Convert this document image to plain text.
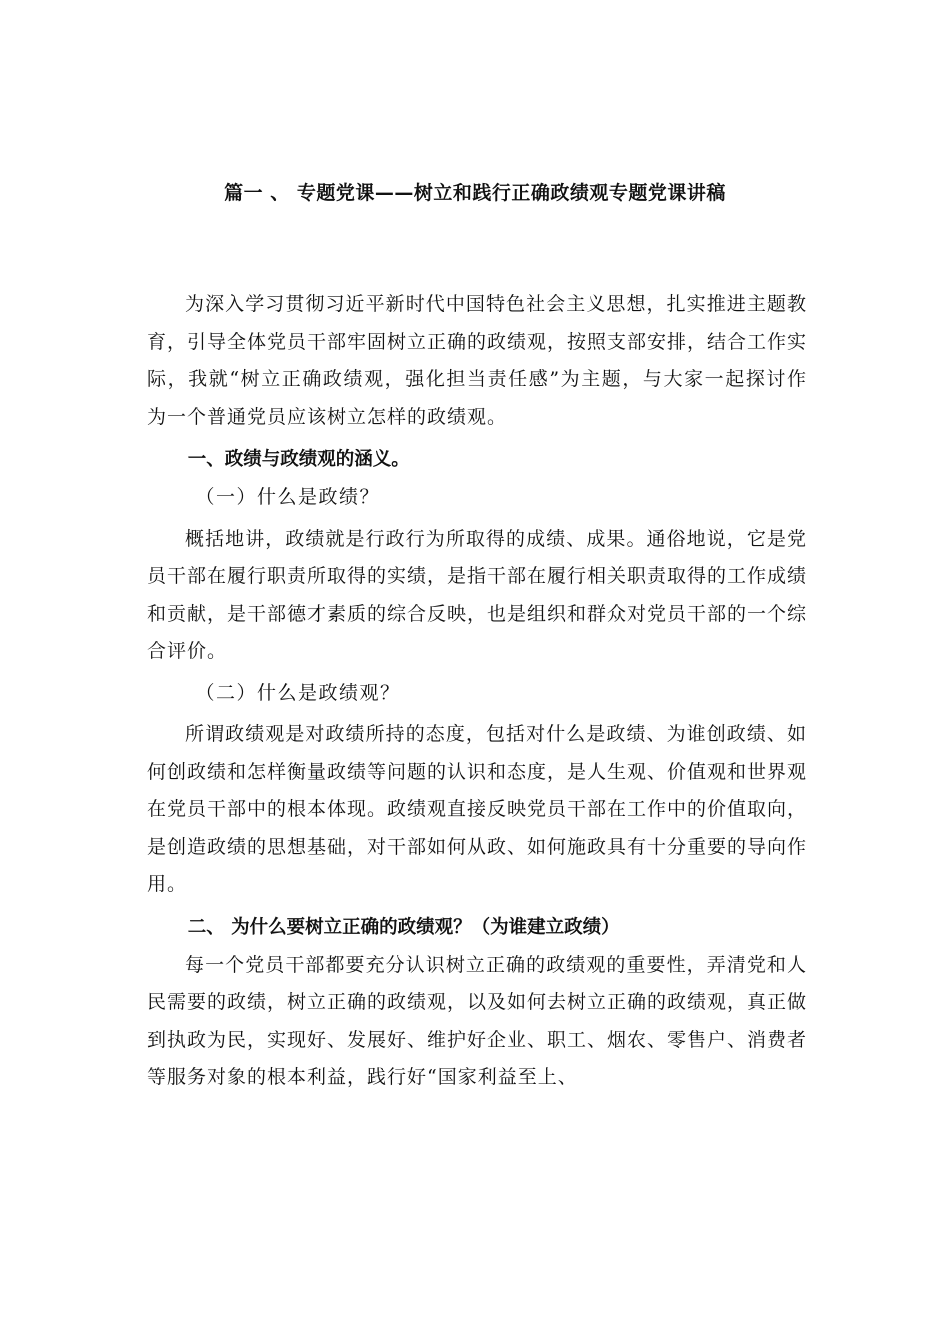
篇一 、 专题党课——树立和践行正确政绩观专题党课讲稿

为深入学习贯彻习近平新时代中国特色社会主义思想，扎实推进主题教育，引导全体党员干部牢固树立正确的政绩观，按照支部安排，结合工作实际，我就“树立正确政绩观，强化担当责任感”为主题，与大家一起探讨作为一个普通党员应该树立怎样的政绩观。

一、政绩与政绩观的涵义。

（一）什么是政绩？

概括地讲，政绩就是行政行为所取得的成绩、成果。通俗地说，它是党员干部在履行职责所取得的实绩，是指干部在履行相关职责取得的工作成绩和贡献，是干部德才素质的综合反映，也是组织和群众对党员干部的一个综合评价。

（二）什么是政绩观？

所谓政绩观是对政绩所持的态度，包括对什么是政绩、为谁创政绩、如何创政绩和怎样衡量政绩等问题的认识和态度，是人生观、价值观和世界观在党员干部中的根本体现。政绩观直接反映党员干部在工作中的价值取向，是创造政绩的思想基础，对干部如何从政、如何施政具有十分重要的导向作用。

二、 为什么要树立正确的政绩观？（为谁建立政绩）

每一个党员干部都要充分认识树立正确的政绩观的重要性，弄清党和人民需要的政绩，树立正确的政绩观，以及如何去树立正确的政绩观，真正做到执政为民，实现好、发展好、维护好企业、职工、烟农、零售户、消费者等服务对象的根本利益，践行好“国家利益至上、
